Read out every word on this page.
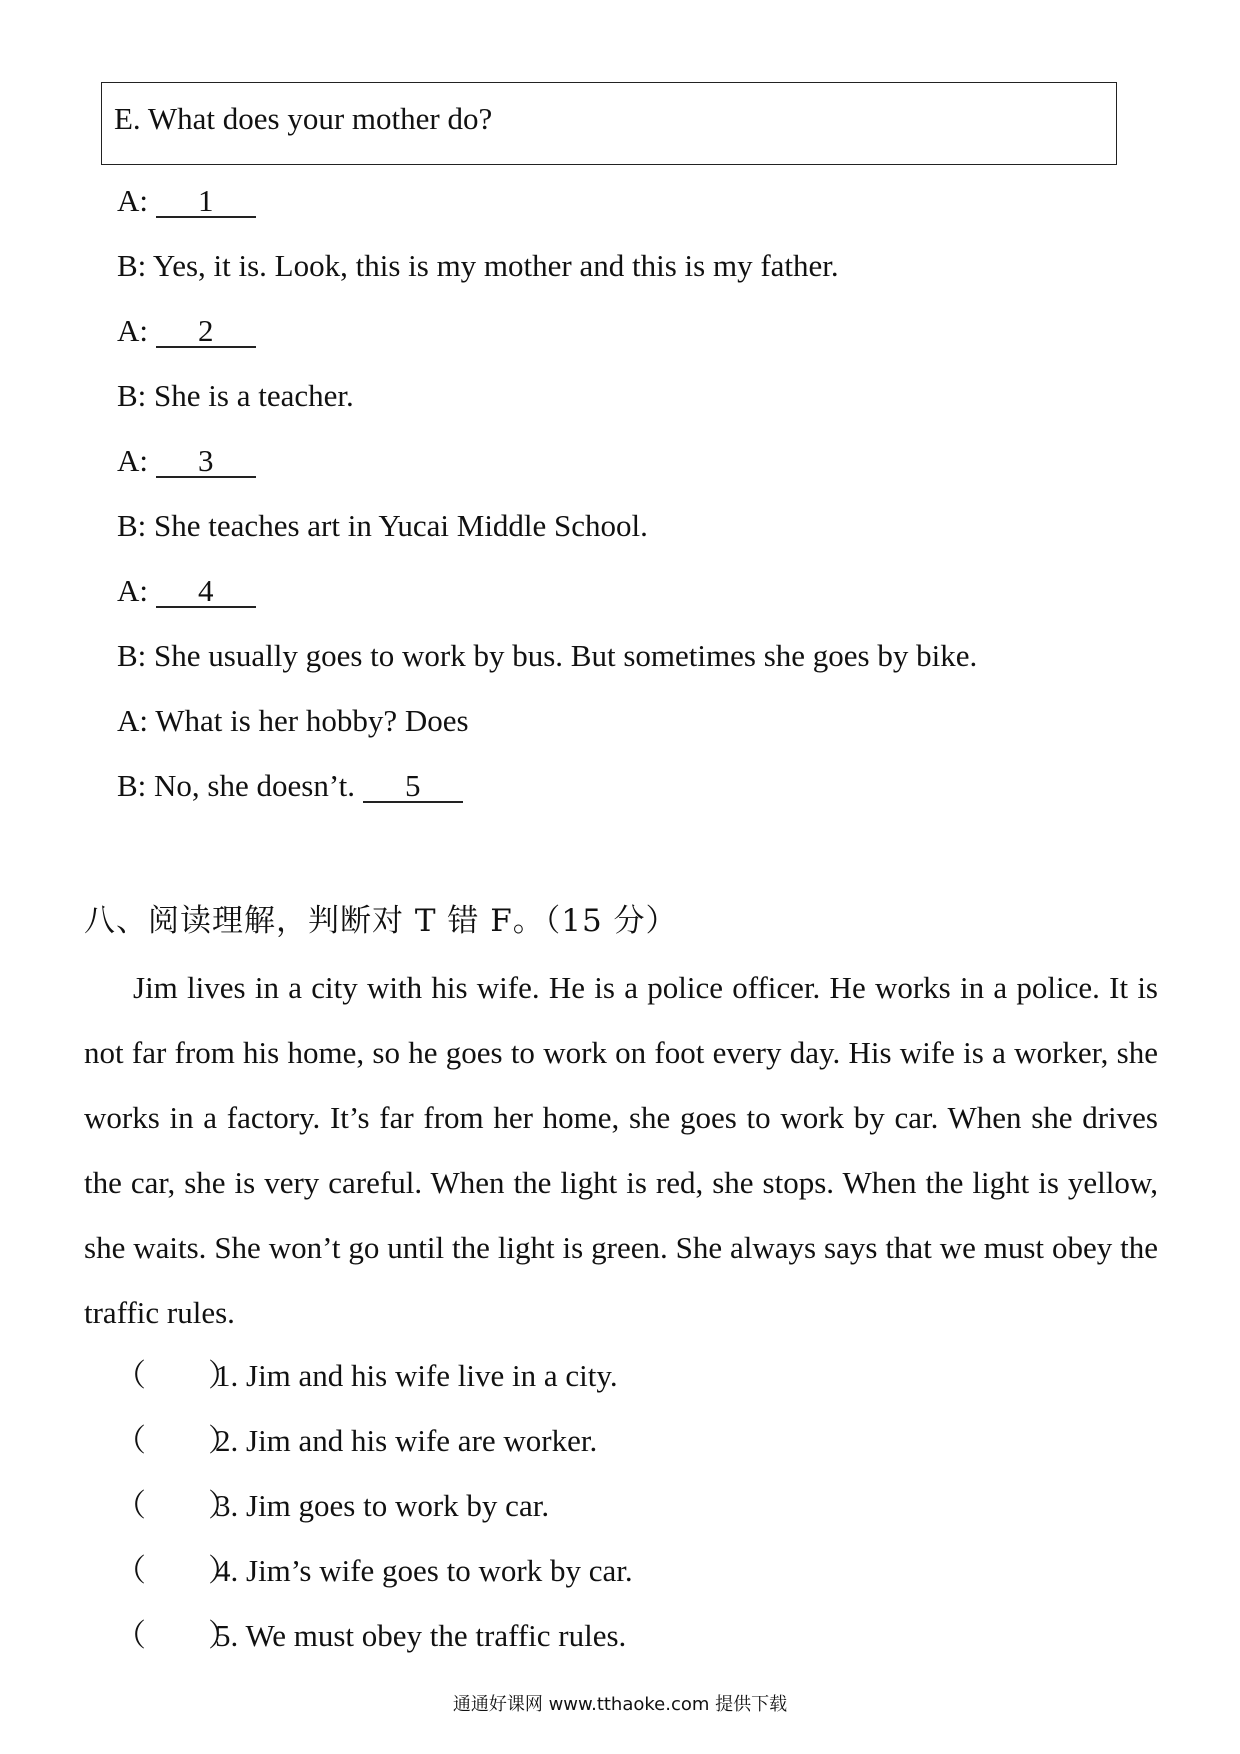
E. What does your mother do?
A: 1
B: Yes, it is. Look, this is my mother and this is my father.
A: 2
B: She is a teacher.
A: 3
B: She teaches art in Yucai Middle School.
A: 4
B: She usually goes to work by bus. But sometimes she goes by bike.
A: What is her hobby? Does
B: No, she doesn’t. 5
八、阅读理解，判断对 T 错 F。（15 分）

Jim lives in a city with his wife. He is a police officer. He works in a police. It is not far from his home, so he goes to work on foot every day. His wife is a worker, she works in a factory. It’s far from her home, she goes to work by car. When she drives the car, she is very careful. When the light is red, she stops. When the light is yellow, she waits. She won’t go until the light is green. She always says that we must obey the traffic rules.

（　　）1. Jim and his wife live in a city.
（　　）2. Jim and his wife are worker.
（　　）3. Jim goes to work by car.
（　　）4. Jim’s wife goes to work by car.
（　　）5. We must obey the traffic rules.
通通好课网 www.tthaoke.com 提供下载
